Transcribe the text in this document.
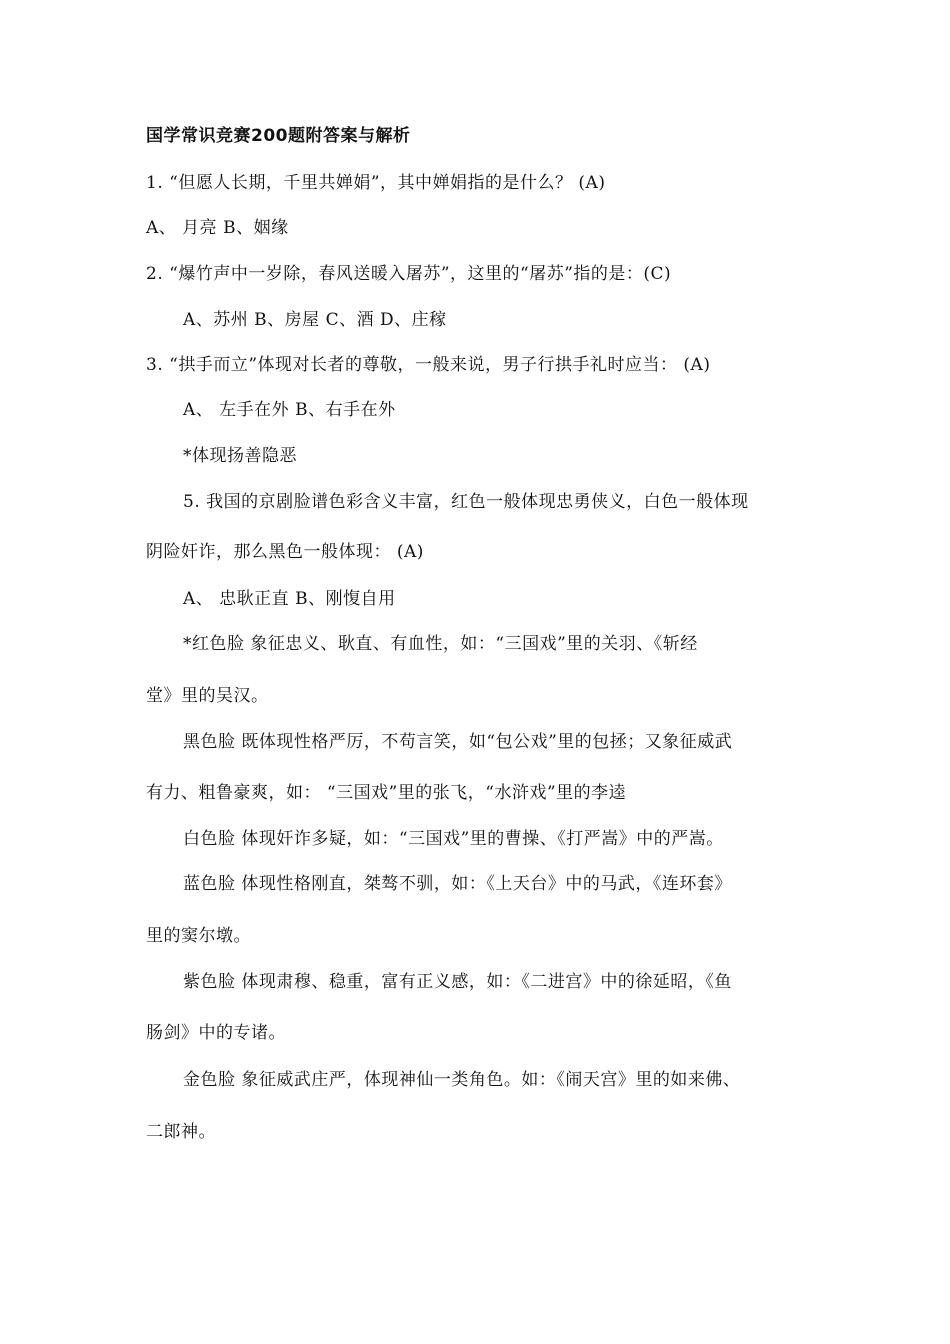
国学常识竞赛200题附答案与解析
1. “但愿人长期，千里共婵娟”，其中婵娟指的是什么？ (A)
A、 月亮 B、姻缘
2. “爆竹声中一岁除，春风送暖入屠苏”，这里的“屠苏”指的是：(C)
A、苏州 B、房屋 C、酒 D、庄稼
3. “拱手而立”体现对长者的尊敬，一般来说，男子行拱手礼时应当： (A)
A、 左手在外 B、右手在外
*体现扬善隐恶
5. 我国的京剧脸谱色彩含义丰富，红色一般体现忠勇侠义，白色一般体现
阴险奸诈，那么黑色一般体现： (A)
A、 忠耿正直 B、刚愎自用
*红色脸 象征忠义、耿直、有血性，如：“三国戏”里的关羽、《斩经
堂》里的吴汉。
黑色脸 既体现性格严厉，不苟言笑，如“包公戏”里的包拯；又象征威武
有力、粗鲁豪爽，如： “三国戏”里的张飞，“水浒戏”里的李逵
白色脸 体现奸诈多疑，如：“三国戏”里的曹操、《打严嵩》中的严嵩。
蓝色脸 体现性格刚直，桀骜不驯，如：《上天台》中的马武，《连环套》
里的窦尔墩。
紫色脸 体现肃穆、稳重，富有正义感，如：《二进宫》中的徐延昭，《鱼
肠剑》中的专诸。
金色脸 象征威武庄严，体现神仙一类角色。如：《闹天宫》里的如来佛、
二郎神。
